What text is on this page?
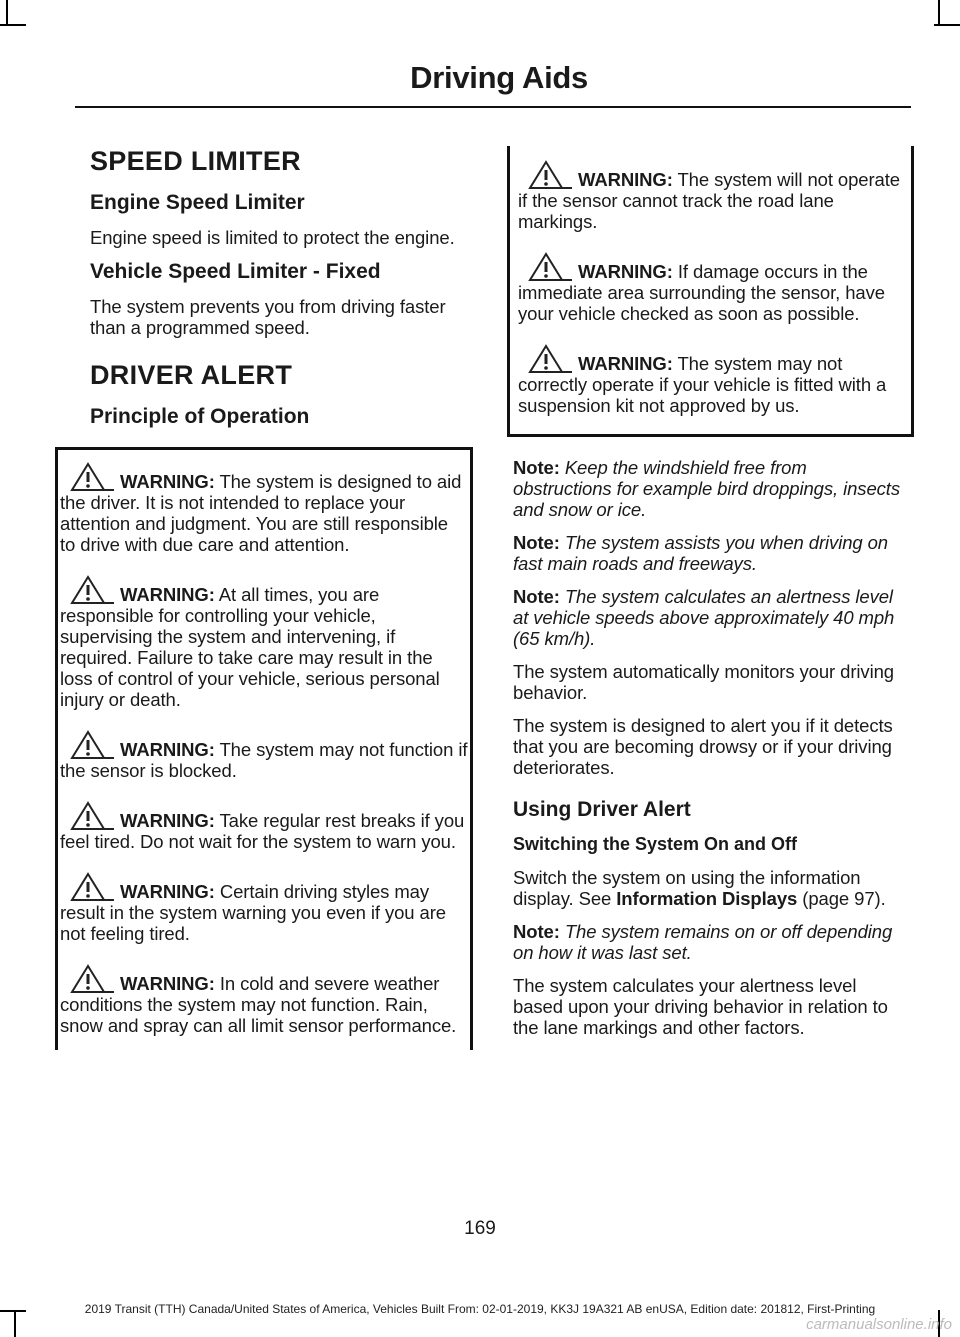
Driving Aids
SPEED LIMITER
Engine Speed Limiter

Engine speed is limited to protect the engine.

Vehicle Speed Limiter - Fixed

The system prevents you from driving faster than a programmed speed.

DRIVER ALERT
Principle of Operation

WARNING: The system is designed to aid the driver. It is not intended to replace your attention and judgment. You are still responsible to drive with due care and attention.

WARNING: At all times, you are responsible for controlling your vehicle, supervising the system and intervening, if required. Failure to take care may result in the loss of control of your vehicle, serious personal injury or death.

WARNING: The system may not function if the sensor is blocked.

WARNING: Take regular rest breaks if you feel tired. Do not wait for the system to warn you.

WARNING: Certain driving styles may result in the system warning you even if you are not feeling tired.

WARNING: In cold and severe weather conditions the system may not function. Rain, snow and spray can all limit sensor performance.

WARNING: The system will not operate if the sensor cannot track the road lane markings.

WARNING: If damage occurs in the immediate area surrounding the sensor, have your vehicle checked as soon as possible.

WARNING: The system may not correctly operate if your vehicle is fitted with a suspension kit not approved by us.

Note: Keep the windshield free from obstructions for example bird droppings, insects and snow or ice.

Note: The system assists you when driving on fast main roads and freeways.

Note: The system calculates an alertness level at vehicle speeds above approximately 40 mph (65 km/h).

The system automatically monitors your driving behavior.

The system is designed to alert you if it detects that you are becoming drowsy or if your driving deteriorates.

Using Driver Alert
Switching the System On and Off

Switch the system on using the information display. See Information Displays (page 97).

Note: The system remains on or off depending on how it was last set.

The system calculates your alertness level based upon your driving behavior in relation to the lane markings and other factors.

169
2019 Transit (TTH) Canada/United States of America, Vehicles Built From: 02-01-2019, KK3J 19A321 AB enUSA, Edition date: 201812, First-Printing
carmanualsonline.info
